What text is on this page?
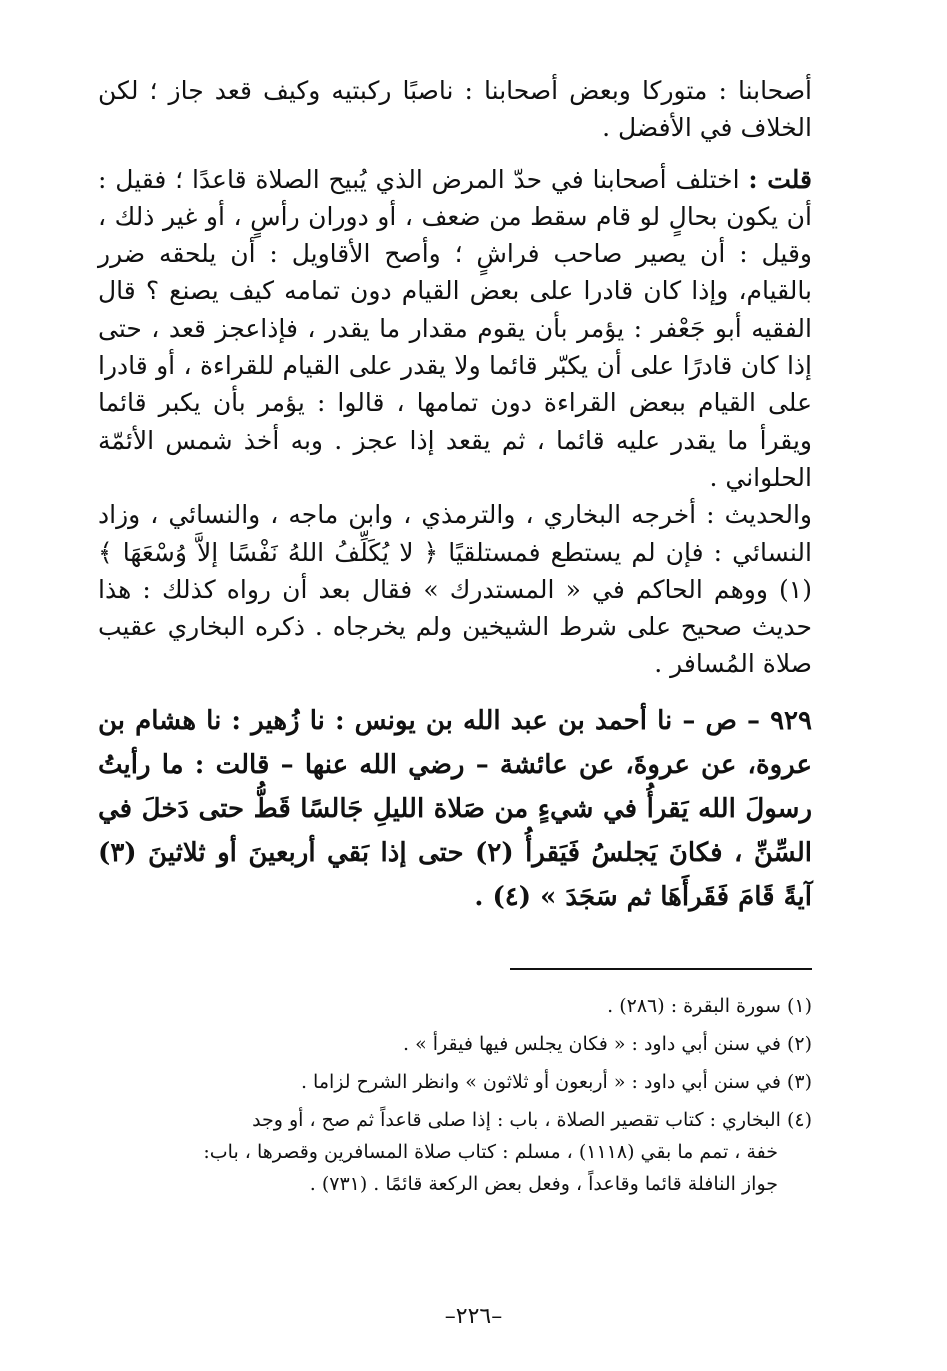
أصحابنا : متوركا وبعض أصحابنا : ناصبًا ركبتيه وكيف قعد جاز ؛ لكن الخلاف في الأفضل .

قلت : اختلف أصحابنا في حدّ المرض الذي يُبيح الصلاة قاعدًا ؛ فقيل : أن يكون بحالٍ لو قام سقط من ضعف ، أو دوران رأسٍ ، أو غير ذلك ، وقيل : أن يصير صاحب فراشٍ ؛ وأصح الأقاويل : أن يلحقه ضرر بالقيام، وإذا كان قادرا على بعض القيام دون تمامه كيف يصنع ؟ قال الفقيه أبو جَعْفر : يؤمر بأن يقوم مقدار ما يقدر ، فإذاعجز قعد ، حتى إذا كان قادرًا على أن يكبّر قائما ولا يقدر على القيام للقراءة ، أو قادرا على القيام ببعض القراءة دون تمامها ، قالوا : يؤمر بأن يكبر قائما ويقرأ ما يقدر عليه قائما ، ثم يقعد إذا عجز . وبه أخذ شمس الأئمّة الحلواني .

والحديث : أخرجه البخاري ، والترمذي ، وابن ماجه ، والنسائي ، وزاد النسائي : فإن لم يستطع فمستلقيًا ﴿ لا يُكَلِّفُ اللهُ نَفْسًا إلاَّ وُسْعَهَا ﴾ (١) ووهم الحاكم في « المستدرك » فقال بعد أن رواه كذلك : هذا حديث صحيح على شرط الشيخين ولم يخرجاه . ذكره البخاري عقيب صلاة المُسافر .

٩٢٩ – ص – نا أحمد بن عبد الله بن يونس : نا زُهير : نا هشام بن عروة، عن عروةَ، عن عائشة – رضي الله عنها – قالت : ما رأيتُ رسولَ الله يَقرأُ في شيءٍ من صَلاة الليلِ جَالسًا قَطُّ حتى دَخلَ في السِّنِّ ، فكانَ يَجلسُ فَيَقرأُ (٢) حتى إذا بَقي أربعينَ أو ثلاثينَ (٣) آيةً قَامَ فَقَرأَهَا ثم سَجَدَ » (٤) .

(١) سورة البقرة : (٢٨٦) .

(٢) في سنن أبي داود : « فكان يجلس فيها فيقرأ » .

(٣) في سنن أبي داود : « أربعون أو ثلاثون » وانظر الشرح لزاما .

(٤) البخاري : كتاب تقصير الصلاة ، باب : إذا صلى قاعداً ثم صح ، أو وجد

خفة ، تمم ما بقي (١١١٨) ، مسلم : كتاب صلاة المسافرين وقصرها ، باب:

جواز النافلة قائما وقاعداً ، وفعل بعض الركعة قائمًا . (٧٣١) .

–٢٢٦–
